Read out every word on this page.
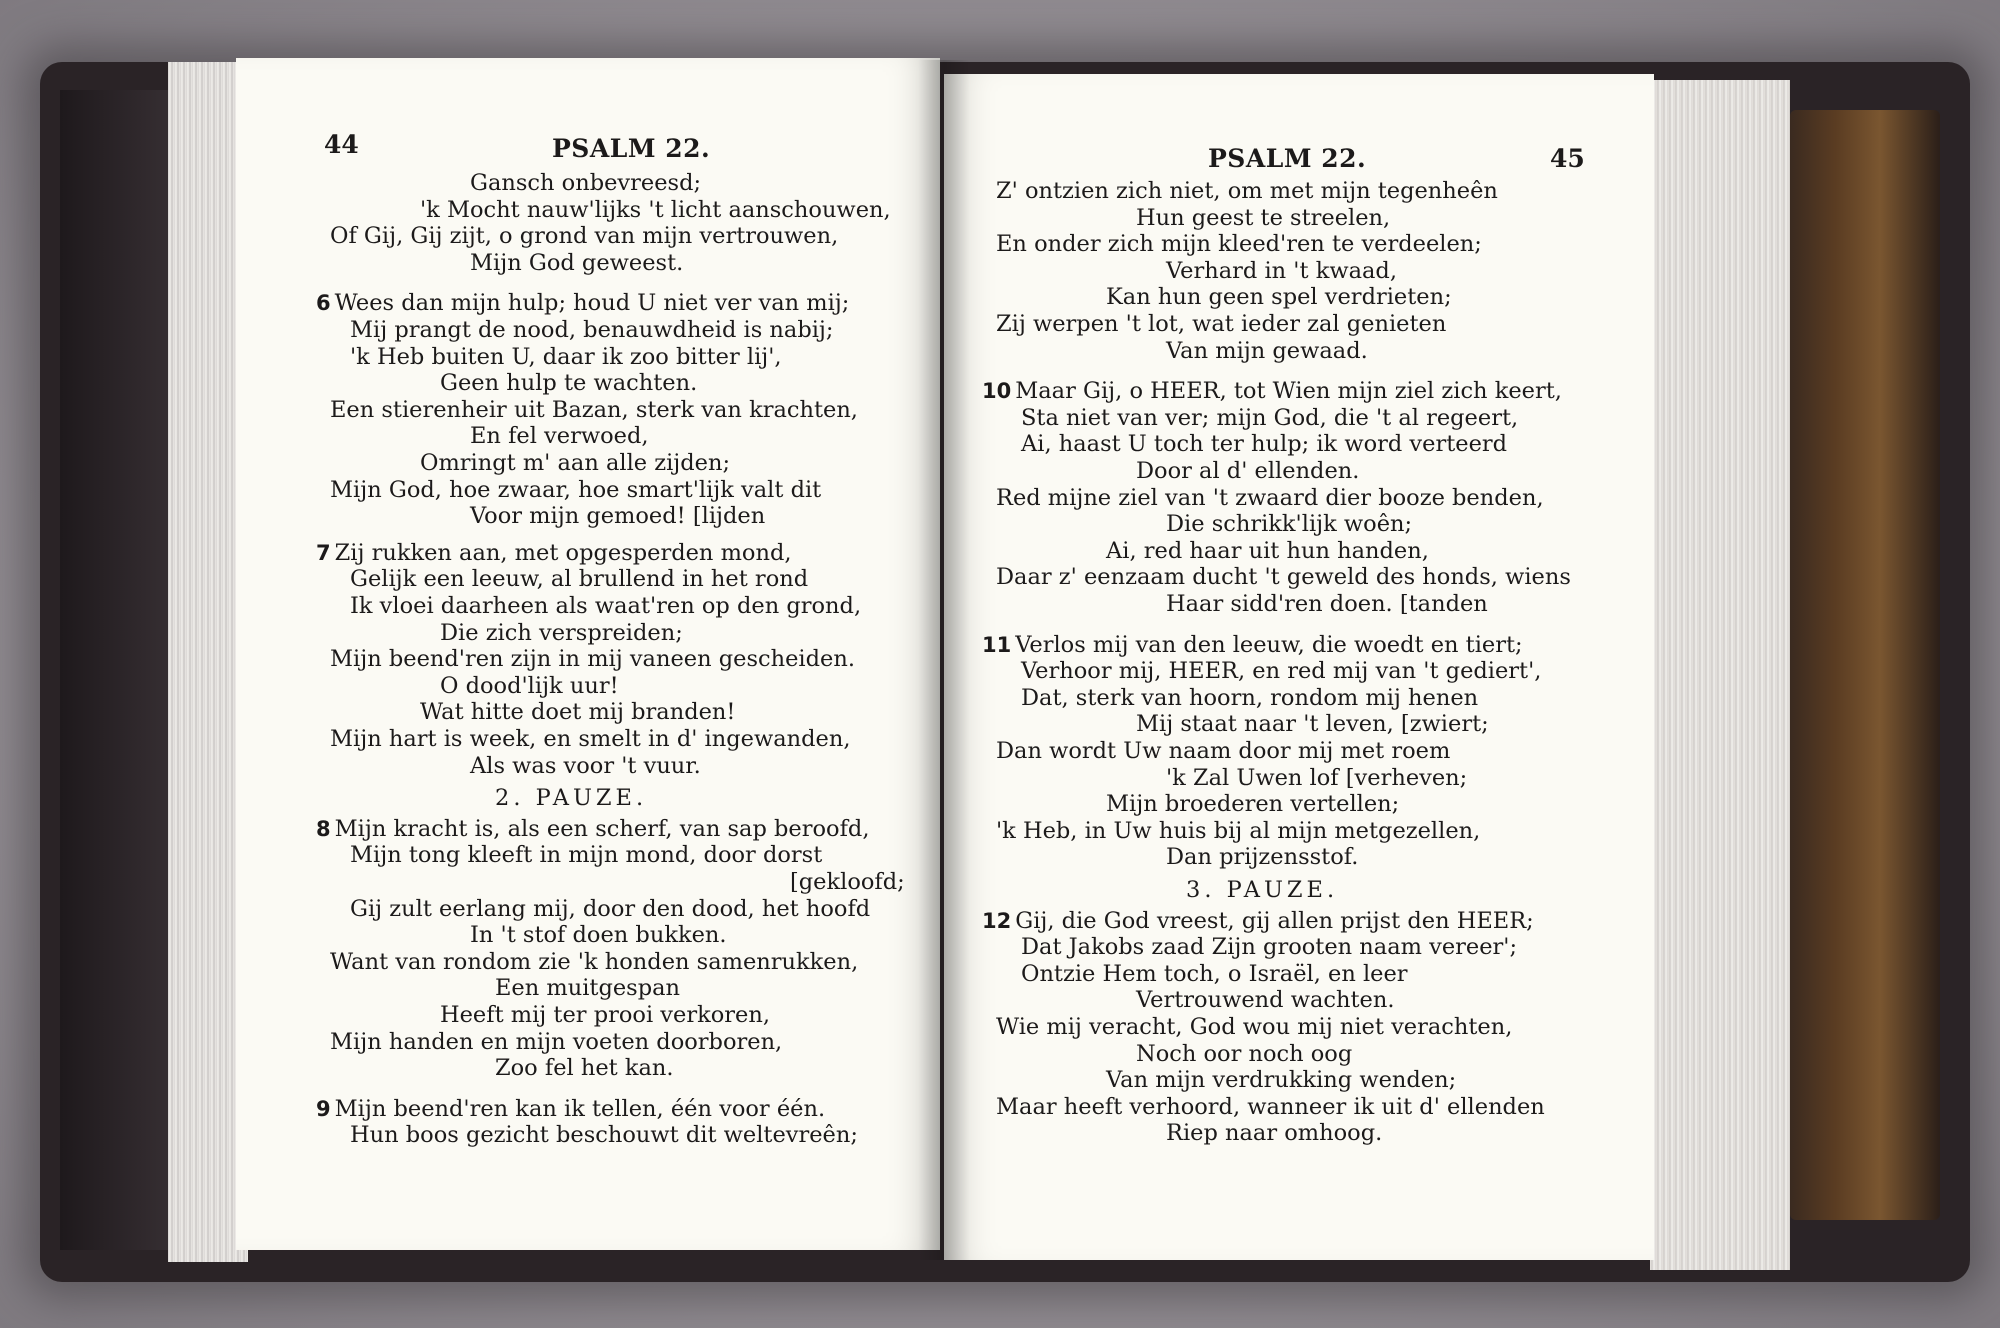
44	PSALM 22.
Gansch onbevreesd;
'k Mocht nauw'lijks 't licht aanschouwen,
Of Gij, Gij zijt, o grond van mijn vertrouwen,
Mijn God geweest.
6 Wees dan mijn hulp; houd U niet ver van mij;
Mij prangt de nood, benauwdheid is nabij;
'k Heb buiten U, daar ik zoo bitter lij',
Geen hulp te wachten.
Een stierenheir uit Bazan, sterk van krachten,
En fel verwoed,
Omringt m' aan alle zijden;
Mijn God, hoe zwaar, hoe smart'lijk valt dit
Voor mijn gemoed! [lijden
7 Zij rukken aan, met opgesperden mond,
Gelijk een leeuw, al brullend in het rond
Ik vloei daarheen als waat'ren op den grond,
Die zich verspreiden;
Mijn beend'ren zijn in mij vaneen gescheiden.
O dood'lijk uur!
Wat hitte doet mij branden!
Mijn hart is week, en smelt in d' ingewanden,
Als was voor 't vuur.
2. PAUZE.
8 Mijn kracht is, als een scherf, van sap beroofd,
Mijn tong kleeft in mijn mond, door dorst
[gekloofd;
Gij zult eerlang mij, door den dood, het hoofd
In 't stof doen bukken.
Want van rondom zie 'k honden samenrukken,
Een muitgespan
Heeft mij ter prooi verkoren,
Mijn handen en mijn voeten doorboren,
Zoo fel het kan.
9 Mijn beend'ren kan ik tellen, één voor één.
Hun boos gezicht beschouwt dit weltevreên;
PSALM 22.	45
Z' ontzien zich niet, om met mijn tegenheên
Hun geest te streelen,
En onder zich mijn kleed'ren te verdeelen;
Verhard in 't kwaad,
Kan hun geen spel verdrieten;
Zij werpen 't lot, wat ieder zal genieten
Van mijn gewaad.
10 Maar Gij, o HEER, tot Wien mijn ziel zich keert,
Sta niet van ver; mijn God, die 't al regeert,
Ai, haast U toch ter hulp; ik word verteerd
Door al d' ellenden.
Red mijne ziel van 't zwaard dier booze benden,
Die schrikk'lijk woên;
Ai, red haar uit hun handen,
Daar z' eenzaam ducht 't geweld des honds, wiens
Haar sidd'ren doen. [tanden
11 Verlos mij van den leeuw, die woedt en tiert;
Verhoor mij, HEER, en red mij van 't gediert',
Dat, sterk van hoorn, rondom mij henen
Mij staat naar 't leven, [zwiert;
Dan wordt Uw naam door mij met roem
'k Zal Uwen lof [verheven;
Mijn broederen vertellen;
'k Heb, in Uw huis bij al mijn metgezellen,
Dan prijzensstof.
3. PAUZE.
12 Gij, die God vreest, gij allen prijst den HEER;
Dat Jakobs zaad Zijn grooten naam vereer';
Ontzie Hem toch, o Israël, en leer
Vertrouwend wachten.
Wie mij veracht, God wou mij niet verachten,
Noch oor noch oog
Van mijn verdrukking wenden;
Maar heeft verhoord, wanneer ik uit d' ellenden
Riep naar omhoog.
